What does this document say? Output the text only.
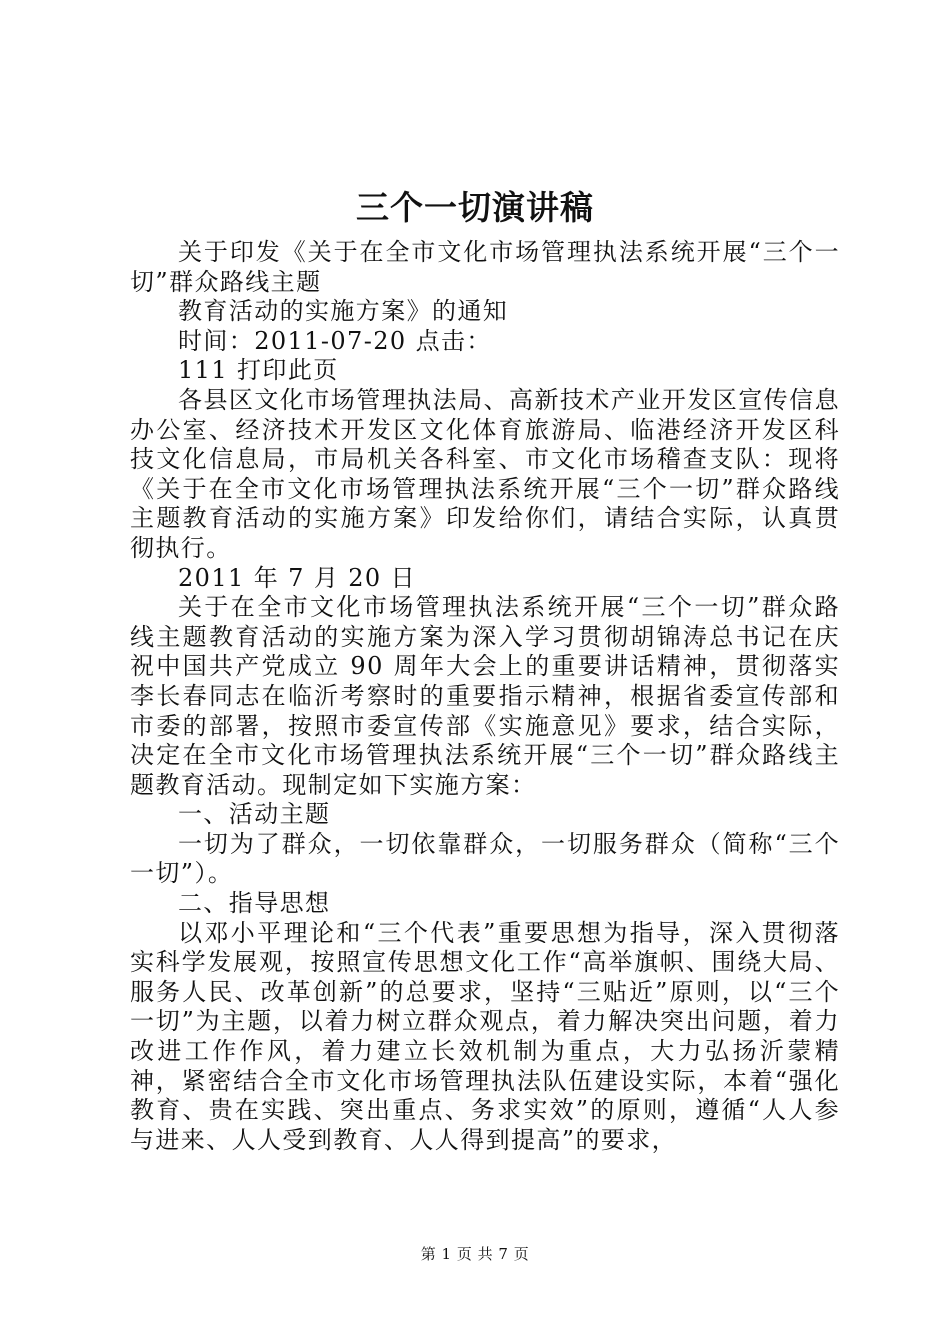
三个一切演讲稿

关于印发《关于在全市文化市场管理执法系统开展“三个一切”群众路线主题

教育活动的实施方案》的通知

时间：2011-07-20 点击：

111 打印此页

各县区文化市场管理执法局、高新技术产业开发区宣传信息办公室、经济技术开发区文化体育旅游局、临港经济开发区科技文化信息局，市局机关各科室、市文化市场稽查支队：现将《关于在全市文化市场管理执法系统开展“三个一切”群众路线主题教育活动的实施方案》印发给你们，请结合实际，认真贯彻执行。

2011 年 7 月 20 日

关于在全市文化市场管理执法系统开展“三个一切”群众路线主题教育活动的实施方案为深入学习贯彻胡锦涛总书记在庆祝中国共产党成立 90 周年大会上的重要讲话精神，贯彻落实李长春同志在临沂考察时的重要指示精神，根据省委宣传部和市委的部署，按照市委宣传部《实施意见》要求，结合实际，决定在全市文化市场管理执法系统开展“三个一切”群众路线主题教育活动。现制定如下实施方案：

一、活动主题

一切为了群众，一切依靠群众，一切服务群众（简称“三个一切”）。

二、指导思想

以邓小平理论和“三个代表”重要思想为指导，深入贯彻落实科学发展观，按照宣传思想文化工作“高举旗帜、围绕大局、服务人民、改革创新”的总要求，坚持“三贴近”原则，以“三个一切”为主题，以着力树立群众观点，着力解决突出问题，着力改进工作作风，着力建立长效机制为重点，大力弘扬沂蒙精神，紧密结合全市文化市场管理执法队伍建设实际，本着“强化教育、贵在实践、突出重点、务求实效”的原则，遵循“人人参与进来、人人受到教育、人人得到提高”的要求，

第 1 页 共 7 页
